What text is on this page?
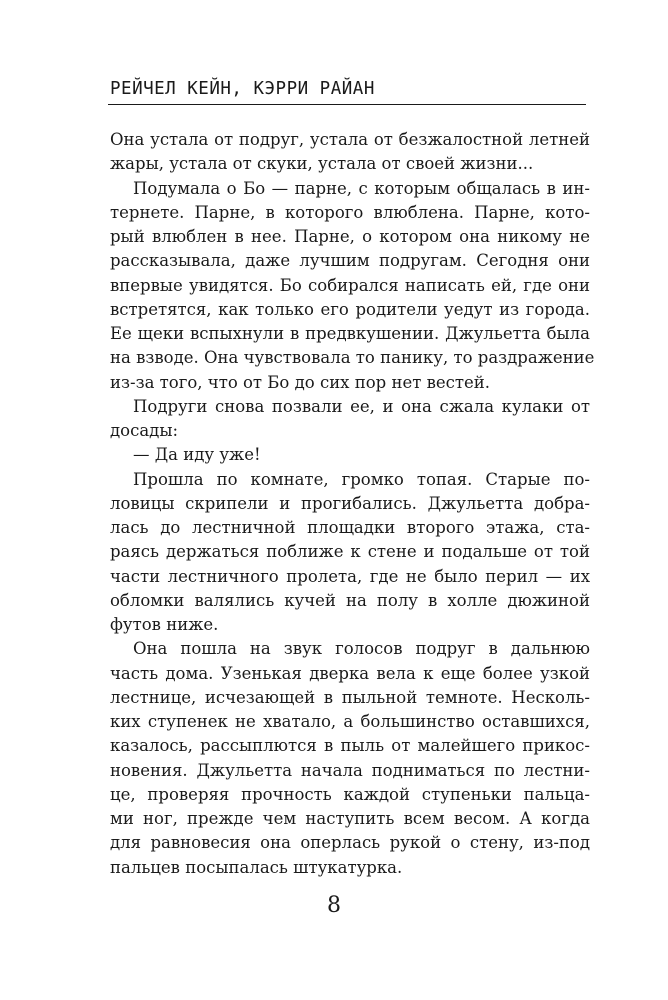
РЕЙЧЕЛ КЕЙН, КЭРРИ РАЙАН
Она устала от подруг, устала от безжалостной летней
жары, устала от скуки, устала от своей жизни...
Подумала о Бо — парне, с которым общалась в ин-
тернете. Парне, в которого влюблена. Парне, кото-
рый влюблен в нее. Парне, о котором она никому не
рассказывала, даже лучшим подругам. Сегодня они
впервые увидятся. Бо собирался написать ей, где они
встретятся, как только его родители уедут из города.
Ее щеки вспыхнули в предвкушении. Джульетта была
на взводе. Она чувствовала то панику, то раздражение
из-за того, что от Бо до сих пор нет вестей.
Подруги снова позвали ее, и она сжала кулаки от
досады:
— Да иду уже!
Прошла по комнате, громко топая. Старые по-
ловицы скрипели и прогибались. Джульетта добра-
лась до лестничной площадки второго этажа, ста-
раясь держаться поближе к стене и подальше от той
части лестничного пролета, где не было перил — их
обломки валялись кучей на полу в холле дюжиной
футов ниже.
Она пошла на звук голосов подруг в дальнюю
часть дома. Узенькая дверка вела к еще более узкой
лестнице, исчезающей в пыльной темноте. Несколь-
ких ступенек не хватало, а большинство оставшихся,
казалось, рассыплются в пыль от малейшего прикос-
новения. Джульетта начала подниматься по лестни-
це, проверяя прочность каждой ступеньки пальца-
ми ног, прежде чем наступить всем весом. А когда
для равновесия она оперлась рукой о стену, из-под
пальцев посыпалась штукатурка.
8
